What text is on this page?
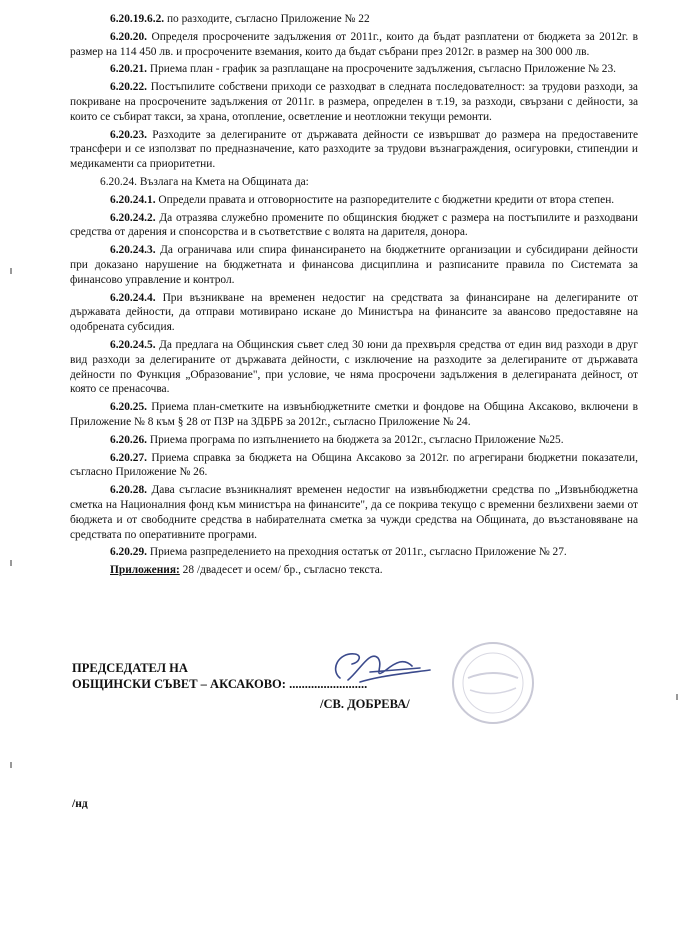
6.20.19.6.2. по разходите, съгласно Приложение № 22

6.20.20. Определя просрочените задължения от 2011г., които да бъдат разплатени от бюджета за 2012г. в размер на 114 450 лв. и просрочените вземания, които да бъдат събрани през 2012г. в размер на 300 000 лв.

6.20.21. Приема план - график за разплащане на просрочените задължения, съгласно Приложение № 23.

6.20.22. Постъпилите собствени приходи се разходват в следната последователност: за трудови разходи, за покриване на просрочените задължения от 2011г. в размера, определен в т.19, за разходи, свързани с дейности, за които се събират такси, за храна, отопление, осветление и неотложни текущи ремонти.

6.20.23. Разходите за делегираните от държавата дейности се извършват до размера на предоставените трансфери и се използват по предназначение, като разходите за трудови възнаграждения, осигуровки, стипендии и медикаменти са приоритетни.

6.20.24. Възлага на Кмета на Общината да:

6.20.24.1. Определи правата и отговорностите на разпоредителите с бюджетни кредити от втора степен.

6.20.24.2. Да отразява служебно промените по общинския бюджет с размера на постъпилите и разходвани средства от дарения и спонсорства и в съответствие с волята на дарителя, донора.

6.20.24.3. Да ограничава или спира финансирането на бюджетните организации и субсидирани дейности при доказано нарушение на бюджетната и финансова дисциплина и разписаните правила по Системата за финансово управление и контрол.

6.20.24.4. При възникване на временен недостиг на средствата за финансиране на делегираните от държавата дейности, да отправи мотивирано искане до Министъра на финансите за авансово предоставяне на одобрената субсидия.

6.20.24.5. Да предлага на Общинския съвет след 30 юни да прехвърля средства от един вид разходи в друг вид разходи за делегираните от държавата дейности, с изключение на разходите за делегираните от държавата дейности по Функция „Образование", при условие, че няма просрочени задължения в делегираната дейност, от която се пренасочва.

6.20.25. Приема план-сметките на извънбюджетните сметки и фондове на Община Аксаково, включени в Приложение № 8 към § 28 от ПЗР на ЗДБРБ за 2012г., съгласно Приложение № 24.

6.20.26. Приема програма по изпълнението на бюджета за 2012г., съгласно Приложение №25.

6.20.27. Приема справка за бюджета на Община Аксаково за 2012г. по агрегирани бюджетни показатели, съгласно Приложение № 26.

6.20.28. Дава съгласие възникналият временен недостиг на извънбюджетни средства по „Извънбюджетна сметка на Националния фонд към министъра на финансите", да се покрива текущо с временни безлихвени заеми от бюджета и от свободните средства в набирателната сметка за чужди средства на Общината, до възстановяване на средствата по оперативните програми.

6.20.29. Приема разпределението на преходния остатък от 2011г., съгласно Приложение № 27.

Приложения: 28 /двадесет и осем/ бр., съгласно текста.

ПРЕДСЕДАТЕЛ НА
ОБЩИНСКИ СЪВЕТ – АКСАКОВО: .........................
/СВ. ДОБРЕВА/
/нд
